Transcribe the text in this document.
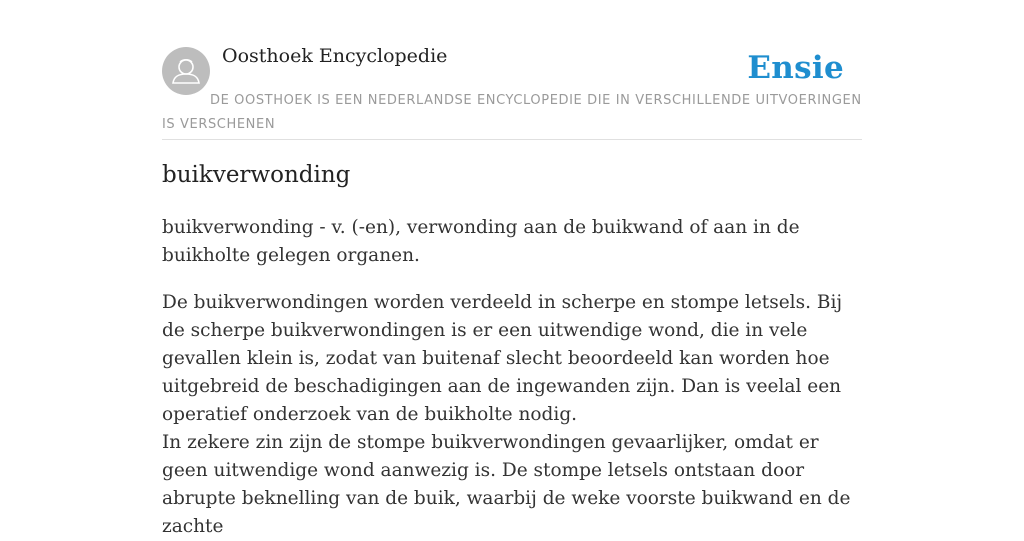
Oosthoek Encyclopedie	Ensie
DE OOSTHOEK IS EEN NEDERLANDSE ENCYCLOPEDIE DIE IN VERSCHILLENDE UITVOERINGEN IS VERSCHENEN
buikverwonding

buikverwonding - v. (-en), verwonding aan de buikwand of aan in de buikholte gelegen organen.

De buikverwondingen worden verdeeld in scherpe en stompe letsels. Bij de scherpe buikverwondingen is er een uitwendige wond, die in vele gevallen klein is, zodat van buitenaf slecht beoordeeld kan worden hoe uitgebreid de beschadigingen aan de ingewanden zijn. Dan is veelal een operatief onderzoek van de buikholte nodig.

In zekere zin zijn de stompe buikverwondingen gevaarlijker, omdat er geen uitwendige wond aanwezig is. De stompe letsels ontstaan door abrupte beknelling van de buik, waarbij de weke voorste buikwand en de zachte
